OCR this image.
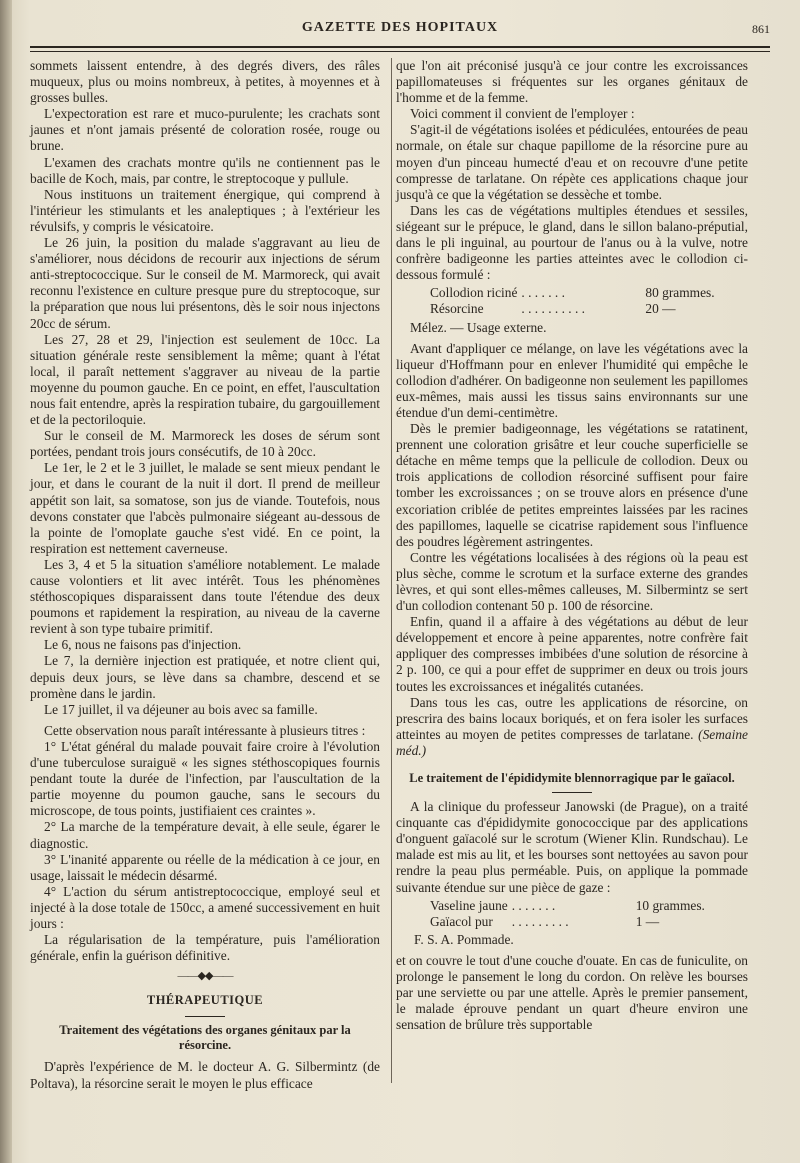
GAZETTE DES HOPITAUX	861

sommets laissent entendre, à des degrés divers, des râles muqueux, plus ou moins nombreux, à petites, à moyennes et à grosses bulles.

L'expectoration est rare et muco-purulente; les crachats sont jaunes et n'ont jamais présenté de coloration rosée, rouge ou brune.

L'examen des crachats montre qu'ils ne contiennent pas le bacille de Koch, mais, par contre, le streptocoque y pullule.

Nous instituons un traitement énergique, qui comprend à l'intérieur les stimulants et les analeptiques ; à l'extérieur les révulsifs, y compris le vésicatoire.

Le 26 juin, la position du malade s'aggravant au lieu de s'améliorer, nous décidons de recourir aux injections de sérum anti-streptococcique. Sur le conseil de M. Marmoreck, qui avait reconnu l'existence en culture presque pure du streptocoque, sur la préparation que nous lui présentons, dès le soir nous injectons 20cc de sérum.

Les 27, 28 et 29, l'injection est seulement de 10cc. La situation générale reste sensiblement la même; quant à l'état local, il paraît nettement s'aggraver au niveau de la partie moyenne du poumon gauche. En ce point, en effet, l'auscultation nous fait entendre, après la respiration tubaire, du gargouillement et de la pectoriloquie.

Sur le conseil de M. Marmoreck les doses de sérum sont portées, pendant trois jours consécutifs, de 10 à 20cc.

Le 1er, le 2 et le 3 juillet, le malade se sent mieux pendant le jour, et dans le courant de la nuit il dort. Il prend de meilleur appétit son lait, sa somatose, son jus de viande. Toutefois, nous devons constater que l'abcès pulmonaire siégeant au-dessous de la pointe de l'omoplate gauche s'est vidé. En ce point, la respiration est nettement caverneuse.

Les 3, 4 et 5 la situation s'améliore notablement. Le malade cause volontiers et lit avec intérêt. Tous les phénomènes stéthoscopiques disparaissent dans toute l'étendue des deux poumons et rapidement la respiration, au niveau de la caverne revient à son type tubaire primitif.

Le 6, nous ne faisons pas d'injection.

Le 7, la dernière injection est pratiquée, et notre client qui, depuis deux jours, se lève dans sa chambre, descend et se promène dans le jardin.

Le 17 juillet, il va déjeuner au bois avec sa famille.

Cette observation nous paraît intéressante à plusieurs titres :

1° L'état général du malade pouvait faire croire à l'évolution d'une tuberculose suraiguë « les signes stéthoscopiques fournis pendant toute la durée de l'infection, par l'auscultation de la partie moyenne du poumon gauche, sans le secours du microscope, de tous points, justifiaient ces craintes ».

2° La marche de la température devait, à elle seule, égarer le diagnostic.

3° L'inanité apparente ou réelle de la médication à ce jour, en usage, laissait le médecin désarmé.

4° L'action du sérum antistreptococcique, employé seul et injecté à la dose totale de 150cc, a amené successivement en huit jours :

La régularisation de la température, puis l'amélioration générale, enfin la guérison définitive.

——◆◆——
THÉRAPEUTIQUE
Traitement des végétations des organes génitaux par la résorcine.

D'après l'expérience de M. le docteur A. G. Silbermintz (de Poltava), la résorcine serait le moyen le plus efficace

que l'on ait préconisé jusqu'à ce jour contre les excroissances papillomateuses si fréquentes sur les organes génitaux de l'homme et de la femme.

Voici comment il convient de l'employer :

S'agit-il de végétations isolées et pédiculées, entourées de peau normale, on étale sur chaque papillome de la résorcine pure au moyen d'un pinceau humecté d'eau et on recouvre d'une petite compresse de tarlatane. On répète ces applications chaque jour jusqu'à ce que la végétation se dessèche et tombe.

Dans les cas de végétations multiples étendues et sessiles, siégeant sur le prépuce, le gland, dans le sillon balano-préputial, dans le pli inguinal, au pourtour de l'anus ou à la vulve, notre confrère badigeonne les parties atteintes avec le collodion ci-dessous formulé :

Collodion riciné	. . . . . . .	80 grammes.
Résorcine	. . . . . . . . . .	20 —

Mélez. — Usage externe.

Avant d'appliquer ce mélange, on lave les végétations avec la liqueur d'Hoffmann pour en enlever l'humidité qui empêche le collodion d'adhérer. On badigeonne non seulement les papillomes eux-mêmes, mais aussi les tissus sains environnants sur une étendue d'un demi-centimètre.

Dès le premier badigeonnage, les végétations se ratatinent, prennent une coloration grisâtre et leur couche superficielle se détache en même temps que la pellicule de collodion. Deux ou trois applications de collodion résorciné suffisent pour faire tomber les excroissances ; on se trouve alors en présence d'une excoriation criblée de petites empreintes laissées par les racines des papillomes, laquelle se cicatrise rapidement sous l'influence des poudres légèrement astringentes.

Contre les végétations localisées à des régions où la peau est plus sèche, comme le scrotum et la surface externe des grandes lèvres, et qui sont elles-mêmes calleuses, M. Silbermintz se sert d'un collodion contenant 50 p. 100 de résorcine.

Enfin, quand il a affaire à des végétations au début de leur développement et encore à peine apparentes, notre confrère fait appliquer des compresses imbibées d'une solution de résorcine à 2 p. 100, ce qui a pour effet de supprimer en deux ou trois jours toutes les excroissances et inégalités cutanées.

Dans tous les cas, outre les applications de résorcine, on prescrira des bains locaux boriqués, et on fera isoler les surfaces atteintes au moyen de petites compresses de tarlatane. (Semaine méd.)

Le traitement de l'épididymite blennorragique par le gaïacol.

A la clinique du professeur Janowski (de Prague), on a traité cinquante cas d'épididymite gonococcique par des applications d'onguent gaïacolé sur le scrotum (Wiener Klin. Rundschau). Le malade est mis au lit, et les bourses sont nettoyées au savon pour rendre la peau plus perméable. Puis, on applique la pommade suivante étendue sur une pièce de gaze :

Vaseline jaune	. . . . . . .	10 grammes.
Gaïacol pur	. . . . . . . . .	1 —

F. S. A. Pommade.

et on couvre le tout d'une couche d'ouate. En cas de funiculite, on prolonge le pansement le long du cordon. On relève les bourses par une serviette ou par une attelle. Après le premier pansement, le malade éprouve pendant un quart d'heure environ une sensation de brûlure très supportable
